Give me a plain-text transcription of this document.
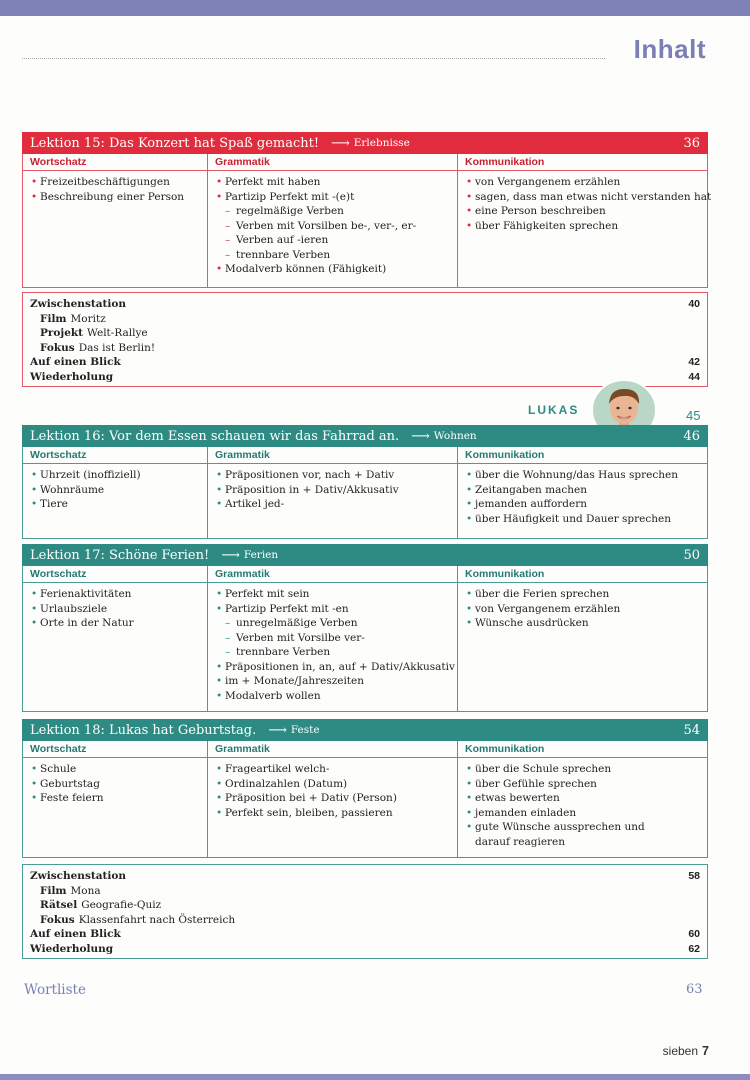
Inhalt
Lektion 15: Das Konzert hat Spaß gemacht! ⟶ Erlebnisse	36
Wortschatz
• Freizeitbeschäftigungen
• Beschreibung einer Person
Grammatik
• Perfekt mit haben
• Partizip Perfekt mit -(e)t
– regelmäßige Verben
– Verben mit Vorsilben be-, ver-, er-
– Verben auf -ieren
– trennbare Verben
• Modalverb können (Fähigkeit)
Kommunikation
• von Vergangenem erzählen
• sagen, dass man etwas nicht verstanden hat
• eine Person beschreiben
• über Fähigkeiten sprechen
Zwischenstation	40
Film Moritz
Projekt Welt-Rallye
Fokus Das ist Berlin!
Auf einen Blick	42
Wiederholung	44
LUKAS	45
Lektion 16: Vor dem Essen schauen wir das Fahrrad an. ⟶ Wohnen	46
Wortschatz
• Uhrzeit (inoffiziell)
• Wohnräume
• Tiere
Grammatik
• Präpositionen vor, nach + Dativ
• Präposition in + Dativ/Akkusativ
• Artikel jed-
Kommunikation
• über die Wohnung/das Haus sprechen
• Zeitangaben machen
• jemanden auffordern
• über Häufigkeit und Dauer sprechen
Lektion 17: Schöne Ferien! ⟶ Ferien	50
Wortschatz
• Ferienaktivitäten
• Urlaubsziele
• Orte in der Natur
Grammatik
• Perfekt mit sein
• Partizip Perfekt mit -en
– unregelmäßige Verben
– Verben mit Vorsilbe ver-
– trennbare Verben
• Präpositionen in, an, auf + Dativ/Akkusativ
• im + Monate/Jahreszeiten
• Modalverb wollen
Kommunikation
• über die Ferien sprechen
• von Vergangenem erzählen
• Wünsche ausdrücken
Lektion 18: Lukas hat Geburtstag. ⟶ Feste	54
Wortschatz
• Schule
• Geburtstag
• Feste feiern
Grammatik
• Frageartikel welch-
• Ordinalzahlen (Datum)
• Präposition bei + Dativ (Person)
• Perfekt sein, bleiben, passieren
Kommunikation
• über die Schule sprechen
• über Gefühle sprechen
• etwas bewerten
• jemanden einladen
• gute Wünsche aussprechen und
darauf reagieren
Zwischenstation	58
Film Mona
Rätsel Geografie-Quiz
Fokus Klassenfahrt nach Österreich
Auf einen Blick	60
Wiederholung	62
Wortliste	63
sieben 7
